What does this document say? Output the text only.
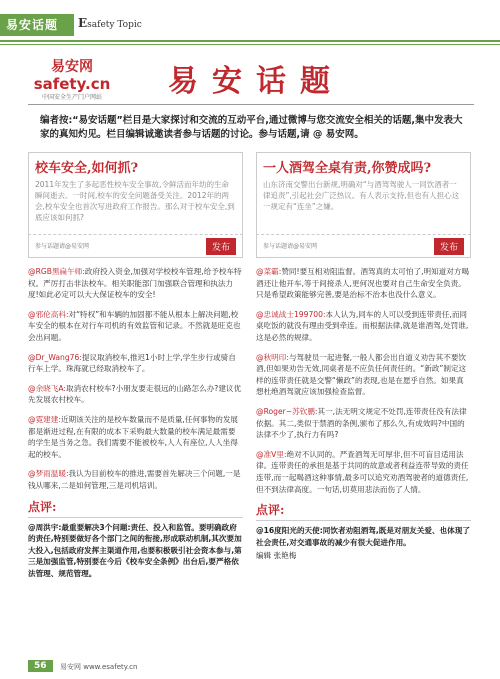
易安话题	Esafety Topic
易安网
safety.cn
中国安全生产门户网站	易安话题
编者按:“易安话题”栏目是大家探讨和交流的互动平台,通过微博与您交流安全相关的话题,集中发表大家的真知灼见。栏目编辑诚邀读者参与话题的讨论。参与话题,请 @ 易安网。
校车安全,如何抓?
2011年发生了多起恶性校车安全事故,令鲜活而年幼的生命瞬间逝去。一时间,校车的安全问题备受关注。2012年的两会,校车安全也首次写进政府工作报告。那么对于校车安全,到底应该如何抓?
参与话题请@易安网	发布
@RGB黑扁午师:政府投入资金,加强对学校校车管理,给予校车特权。严厉打击非法校车。相关职能部门加强联合管理和执法力度!如此必定可以大大保证校车的安全!
@邪伦高科:对“特权”和车辆的加固都不能从根本上解决问题,校车安全的根本在对行车司机的有效监管和记录。不然就是旺克也会出问题。
@Dr_Wang76:提议取消校车,推迟1小时上学,学生步行或骑自行车上学。珠海就已经取消校车了。
@余晓飞A:取消农村校车?小朋友要走很远的山路怎么办?建议优先发展农村校车。
@霓建建:近期该关注的是校车数量而不是质量,任何事物的发展都是渐进过程,在有限的成本下采购最大数量的校车满足最需要的学生是当务之急。我们需要不能被校车,人人有座位,人人坐得起的校车。
@梦雨温暖:我认为目前校车的推进,需要首先解决三个问题,一是钱从哪来,二是如何管理,三是司机培训。
点评:
@周洪宇:最重要解决3个问题:责任、投入和监管。要明确政府的责任,特别要做好各个部门之间的衔接,形成联动机制,其次要加大投入,包括政府发挥主渠道作用,也要积极吸引社会资本参与,第三是加强监管,特别要在今后《校车安全条例》出台后,要严格依法管理、规范管理。
一人酒驾全桌有责,你赞成吗?
山东济南交警出台新规,明确对“与酒驾驾驶人一同饮酒者一律追责”,引起社会广泛热议。有人表示支持,但也有人担心这一规定有“连坐”之嫌。
参与话题请@易安网	发布
@菜霸:赞同!要互相劝阻监督。酒驾真的太可怕了,明知道对方喝酒还让他开车,等于间接杀人,更何况也要对自己生命安全负责。只是希望政策能够完善,要是治标不治本也没什么意义。
@忠诚战士199700:本人认为,同车的人可以受到连带责任,而同桌吃饭的就没有理由受到牵连。而根据法律,就是谁酒驾,处罚谁,这是必然的规律。
@秋明印:与驾驶员一起进餐,一般人都会出自道义劝告其不要饮酒,但如果劝告无效,同桌者是不应负任何责任的。“新政”制定这样的连带责任就是交警“懒政”的表现,也是在愿乎自然。如果真想杜绝酒驾就应该加强检查监督。
@Roger~苏钦鹏:其一,法无明文规定不处罚,连带责任没有法律依据。其二,类似于禁酒的条例,颁布了那么久,有成效吗?中国的法律不少了,执行力有吗?
@准V里:绝对不认同的。严查酒驾无可厚非,但不可盲目适用法律。连带责任的承担是基于共同的故意或者利益连带导致的责任连带,而一起喝酒这种事情,最多可以追究劝酒驾驶者的道德责任,但不到法律高度。一句话,切莫用悲法而伤了人情。
点评:
@16度阳光的天使:同饮者劝阻酒驾,既是对朋友关爱、也体现了社会责任,对交通事故的减少有很大促进作用。
编辑 张艳梅
56	易安网 www.esafety.cn
